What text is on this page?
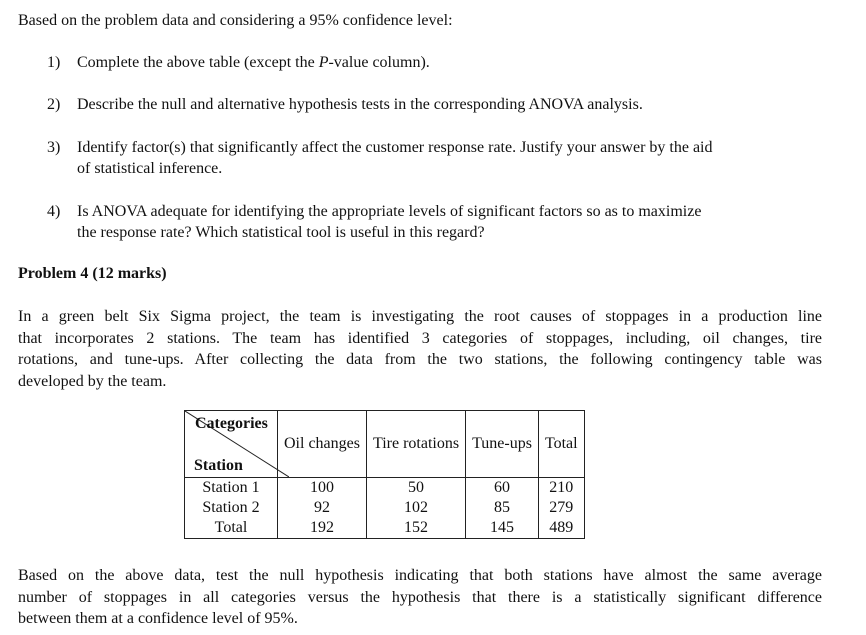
Based on the problem data and considering a 95% confidence level:
1) Complete the above table (except the P-value column).
2) Describe the null and alternative hypothesis tests in the corresponding ANOVA analysis.
3) Identify factor(s) that significantly affect the customer response rate. Justify your answer by the aid
of statistical inference.
4) Is ANOVA adequate for identifying the appropriate levels of significant factors so as to maximize
the response rate? Which statistical tool is useful in this regard?
Problem 4 (12 marks)
In a green belt Six Sigma project, the team is investigating the root causes of stoppages in a production line
that incorporates 2 stations. The team has identified 3 categories of stoppages, including, oil changes, tire
rotations, and tune-ups. After collecting the data from the two stations, the following contingency table was
developed by the team.
Categories
Station	Oil changes	Tire rotations	Tune-ups	Total
Station 1	100	50	60	210
Station 2	92	102	85	279
Total	192	152	145	489
Based on the above data, test the null hypothesis indicating that both stations have almost the same average
number of stoppages in all categories versus the hypothesis that there is a statistically significant difference
between them at a confidence level of 95%.
